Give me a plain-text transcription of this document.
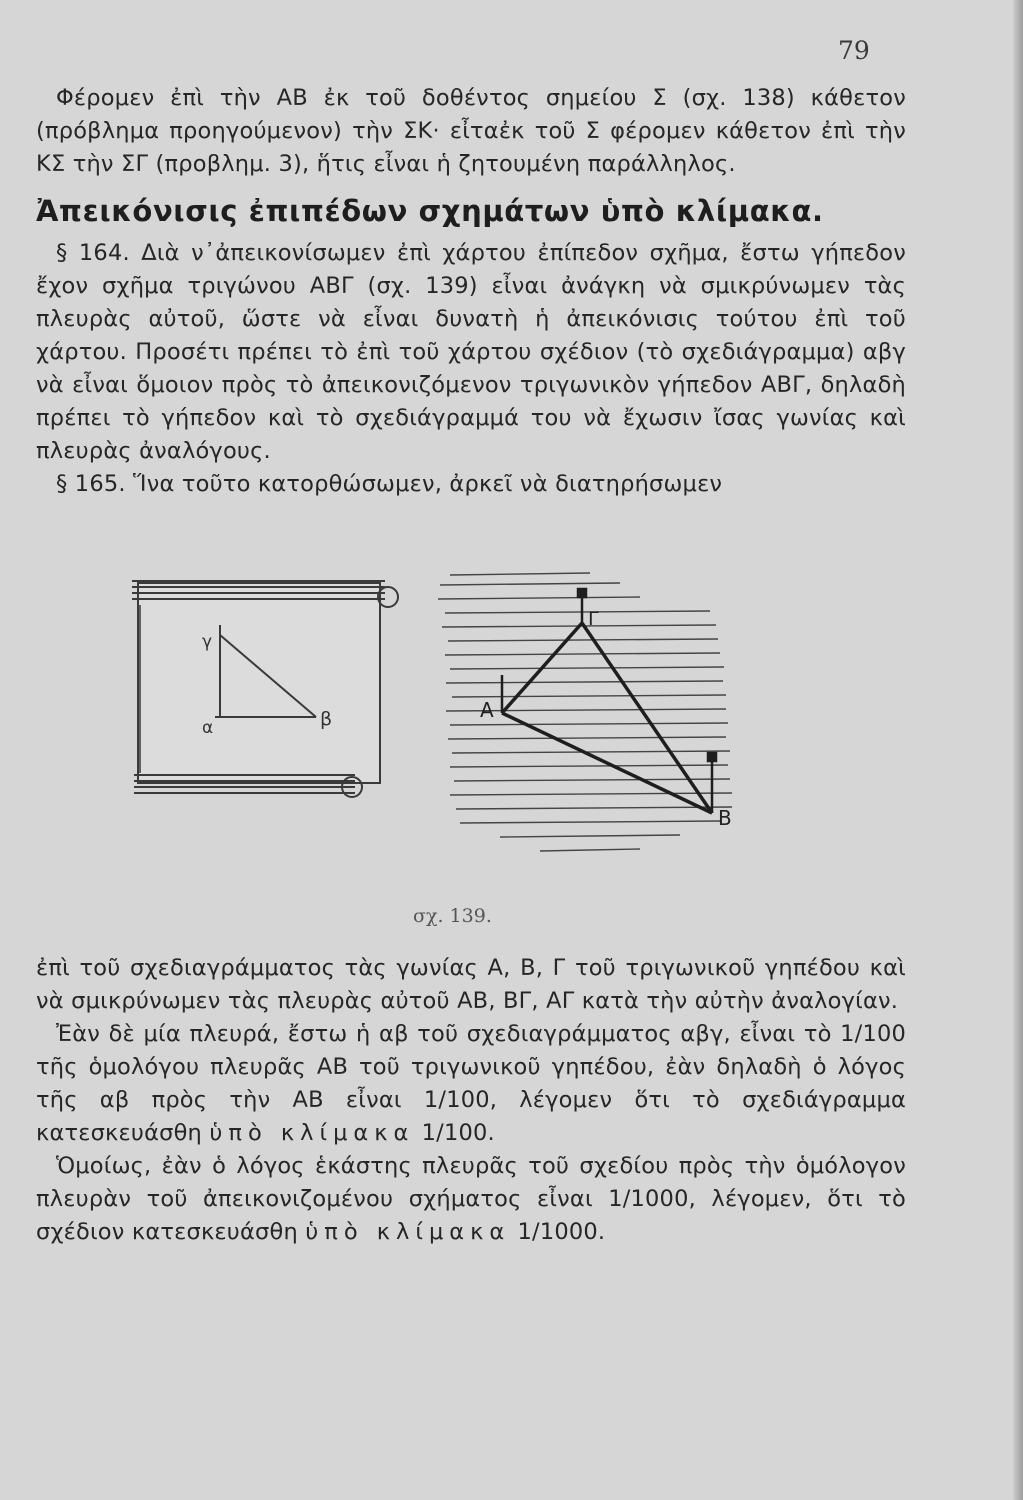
79

Φέρομεν ἐπὶ τὴν ΑΒ ἐκ τοῦ δοθέντος σημείου Σ (σχ. 138) κάθετον (πρόβλημα προηγούμενον) τὴν ΣΚ· εἶταἐκ τοῦ Σ φέρομεν κάθετον ἐπὶ τὴν ΚΣ τὴν ΣΓ (προβλημ. 3), ἥτις εἶναι ἡ ζητουμένη παράλληλος.

Ἀπεικόνισις ἐπιπέδων σχημάτων ὑπὸ κλίμακα.

§ 164. Διὰ ν᾽ἀπεικονίσωμεν ἐπὶ χάρτου ἐπίπεδον σχῆμα, ἔστω γήπεδον ἔχον σχῆμα τριγώνου ΑΒΓ (σχ. 139) εἶναι ἀνάγκη νὰ σμικρύνωμεν τὰς πλευρὰς αὐτοῦ, ὥστε νὰ εἶναι δυνατὴ ἡ ἀπεικόνισις τούτου ἐπὶ τοῦ χάρτου. Προσέτι πρέπει τὸ ἐπὶ τοῦ χάρτου σχέδιον (τὸ σχεδιάγραμμα) αβγ νὰ εἶναι ὅμοιον πρὸς τὸ ἀπεικονιζόμενον τριγωνικὸν γήπεδον ΑΒΓ, δηλαδὴ πρέπει τὸ γήπεδον καὶ τὸ σχεδιάγραμμά του νὰ ἔχωσιν ἴσας γωνίας καὶ πλευρὰς ἀναλόγους.

§ 165. Ἵνα τοῦτο κατορθώσωμεν, ἀρκεῖ νὰ διατηρήσωμεν

γ
α	β
Γ
Α
Β
σχ. 139.

ἐπὶ τοῦ σχεδιαγράμματος τὰς γωνίας Α, Β, Γ τοῦ τριγωνικοῦ γηπέδου καὶ νὰ σμικρύνωμεν τὰς πλευρὰς αὐτοῦ ΑΒ, ΒΓ, ΑΓ κατὰ τὴν αὐτὴν ἀναλογίαν.

Ἐὰν δὲ μία πλευρά, ἔστω ἡ αβ τοῦ σχεδιαγράμματος αβγ, εἶναι τὸ 1/100 τῆς ὁμολόγου πλευρᾶς ΑΒ τοῦ τριγωνικοῦ γηπέδου, ἐὰν δηλαδὴ ὁ λόγος τῆς αβ πρὸς τὴν ΑΒ εἶναι 1/100, λέγομεν ὅτι τὸ σχεδιάγραμμα κατεσκευάσθη ὑπὸ κλίμακα 1/100.

Ὁμοίως, ἐὰν ὁ λόγος ἑκάστης πλευρᾶς τοῦ σχεδίου πρὸς τὴν ὁμόλογον πλευρὰν τοῦ ἀπεικονιζομένου σχήματος εἶναι 1/1000, λέγομεν, ὅτι τὸ σχέδιον κατεσκευάσθη ὑπὸ κλίμακα 1/1000.
